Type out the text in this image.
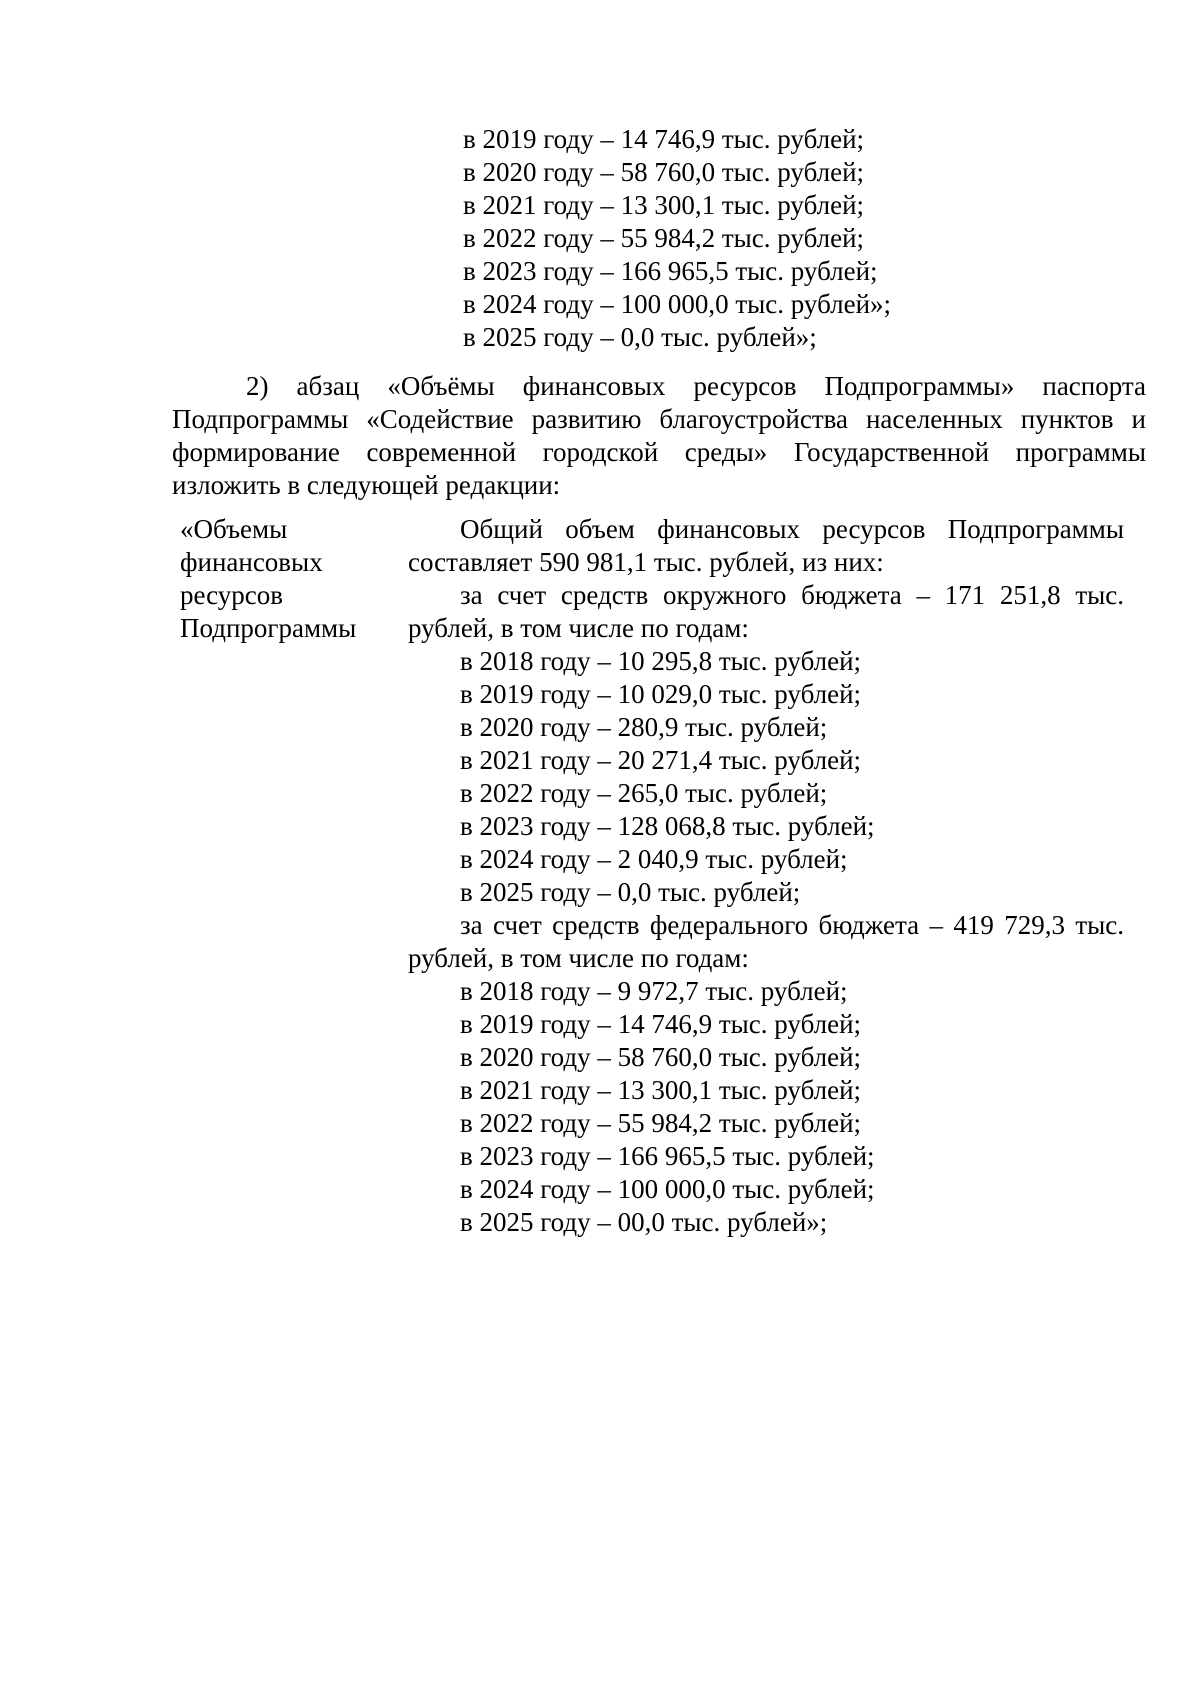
в 2019 году – 14 746,9 тыс. рублей;
в 2020 году – 58 760,0 тыс. рублей;
в 2021 году – 13 300,1 тыс. рублей;
в 2022 году – 55 984,2 тыс. рублей;
в 2023 году – 166 965,5 тыс. рублей;
в 2024 году – 100 000,0 тыс. рублей»;
в 2025 году – 0,0 тыс. рублей»;

2) абзац «Объёмы финансовых ресурсов Подпрограммы» паспорта Подпрограммы «Содействие развитию благоустройства населенных пунктов и формирование современной городской среды» Государственной программы изложить в следующей редакции:

«Объемы
финансовых
ресурсов
Подпрограммы

Общий объем финансовых ресурсов Подпрограммы составляет 590 981,1 тыс. рублей, из них:

за счет средств окружного бюджета – 171 251,8 тыс. рублей, в том числе по годам:

в 2018 году – 10 295,8 тыс. рублей;
в 2019 году – 10 029,0 тыс. рублей;
в 2020 году – 280,9 тыс. рублей;
в 2021 году – 20 271,4 тыс. рублей;
в 2022 году – 265,0 тыс. рублей;
в 2023 году – 128 068,8 тыс. рублей;
в 2024 году – 2 040,9 тыс. рублей;
в 2025 году – 0,0 тыс. рублей;

за счет средств федерального бюджета – 419 729,3 тыс. рублей, в том числе по годам:

в 2018 году – 9 972,7 тыс. рублей;
в 2019 году – 14 746,9 тыс. рублей;
в 2020 году – 58 760,0 тыс. рублей;
в 2021 году – 13 300,1 тыс. рублей;
в 2022 году – 55 984,2 тыс. рублей;
в 2023 году – 166 965,5 тыс. рублей;
в 2024 году – 100 000,0 тыс. рублей;
в 2025 году – 00,0 тыс. рублей»;
